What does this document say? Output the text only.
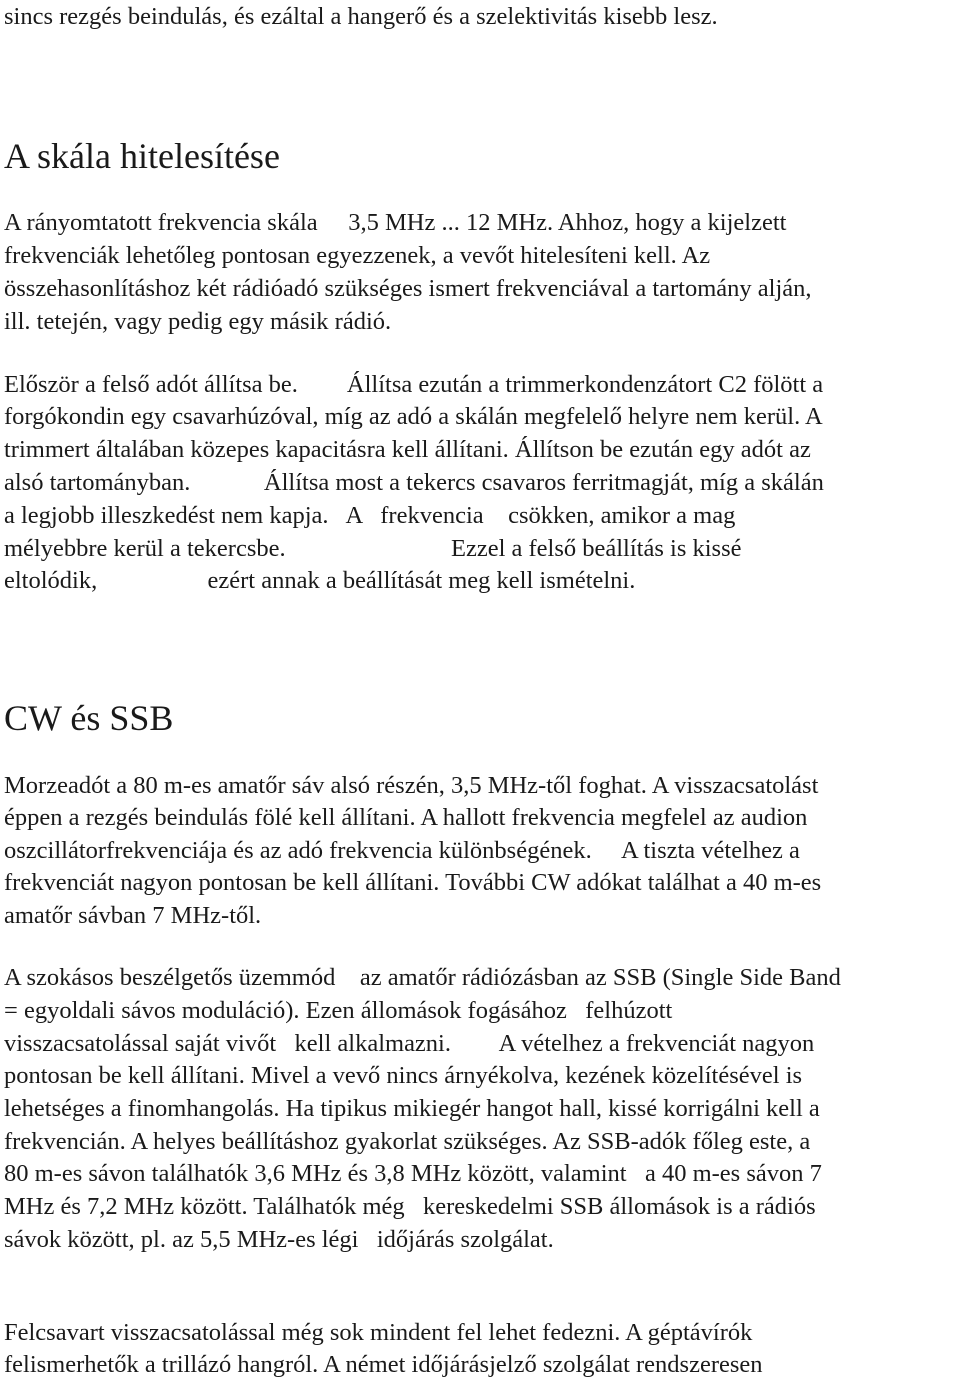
sincs rezgés beindulás, és ezáltal a hangerő és a szelektivitás kisebb lesz.

A skála hitelesítése

A rányomtatott frekvencia skála     3,5 MHz ... 12 MHz. Ahhoz, hogy a kijelzett

frekvenciák lehetőleg pontosan egyezzenek, a vevőt hitelesíteni kell. Az

összehasonlításhoz két rádióadó szükséges ismert frekvenciával a tartomány alján,

ill. tetején, vagy pedig egy másik rádió.

Először a felső adót állítsa be.        Állítsa ezután a trimmerkondenzátort C2 fölött a

forgókondin egy csavarhúzóval, míg az adó a skálán megfelelő helyre nem kerül. A

trimmert általában közepes kapacitásra kell állítani. Állítson be ezután egy adót az

alsó tartományban.            Állítsa most a tekercs csavaros ferritmagját, míg a skálán

a legjobb illeszkedést nem kapja.   A   frekvencia    csökken, amikor a mag

mélyebbre kerül a tekercsbe.                           Ezzel a felső beállítás is kissé

eltolódik,                  ezért annak a beállítását meg kell ismételni.

CW és SSB

Morzeadót a 80 m-es amatőr sáv alsó részén, 3,5 MHz-től foghat. A visszacsatolást

éppen a rezgés beindulás fölé kell állítani. A hallott frekvencia megfelel az audion

oszcillátorfrekvenciája és az adó frekvencia különbségének.     A tiszta vételhez a

frekvenciát nagyon pontosan be kell állítani. További CW adókat találhat a 40 m-es

amatőr sávban 7 MHz-től.

A szokásos beszélgetős üzemmód    az amatőr rádiózásban az SSB (Single Side Band

= egyoldali sávos moduláció). Ezen állomások fogásához   felhúzott

visszacsatolással saját vivőt   kell alkalmazni.        A vételhez a frekvenciát nagyon

pontosan be kell állítani. Mivel a vevő nincs árnyékolva, kezének közelítésével is

lehetséges a finomhangolás. Ha tipikus mikiegér hangot hall, kissé korrigálni kell a

frekvencián. A helyes beállításhoz gyakorlat szükséges. Az SSB-adók főleg este, a

80 m-es sávon találhatók 3,6 MHz és 3,8 MHz között, valamint   a 40 m-es sávon 7

MHz és 7,2 MHz között. Találhatók még   kereskedelmi SSB állomások is a rádiós

sávok között, pl. az 5,5 MHz-es légi   időjárás szolgálat.

Felcsavart visszacsatolással még sok mindent fel lehet fedezni. A géptávírók

felismerhetők a trillázó hangról. A német időjárásjelző szolgálat rendszeresen
